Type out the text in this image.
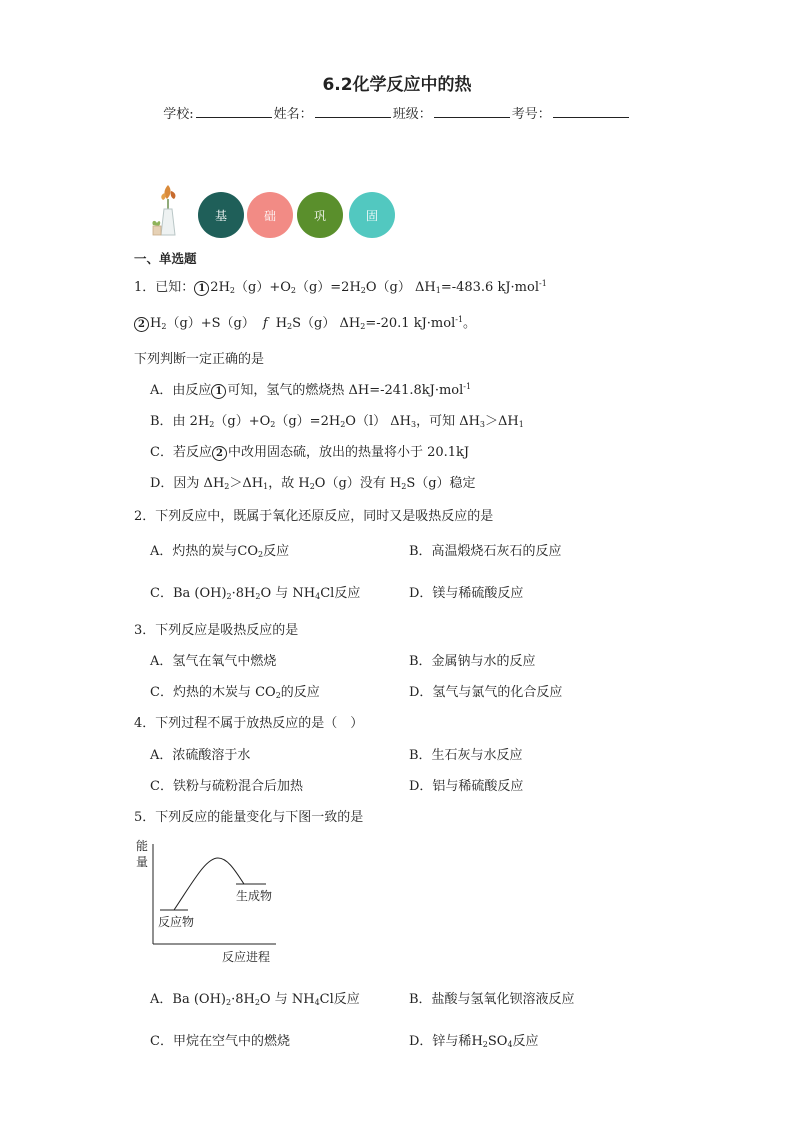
6.2化学反应中的热
学校:	姓名：	班级：	考号：
基	础	巩	固
一、单选题
1．已知： 1 $2H_2(g)+O_2(g)=2H_2O(g)$ $\Delta H_1=-483.6$ kJ·mol$^{-1}$
2 $H_2(g)+S(g)$ f $H_2S(g)$ $\Delta H_2=-20.1$ kJ·mol$^{-1}$。
下列判断一定正确的是
A．由反应 1 可知，氢气的燃烧热 ΔH=-241.8kJ·mol$^{-1}$
B．由 $2H_2(g)+O_2(g)=2H_2O(l)$ $\Delta H_3$，可知 $\Delta H_3>\Delta H_1$
C．若反应 2 中改用固态硫，放出的热量将小于 20.1kJ
D．因为 $\Delta H_2>\Delta H_1$，故 $H_2O(g)$没有 $H_2S(g)$稳定
2．下列反应中，既属于氧化还原反应，同时又是吸热反应的是
A．灼热的炭与$CO_2$反应	B．高温煅烧石灰石的反应
C．Ba $(OH)_2\cdot 8H_2O$ 与 $NH_4Cl$反应	D．镁与稀硫酸反应
3．下列反应是吸热反应的是
A．氢气在氧气中燃烧	B．金属钠与水的反应
C．灼热的木炭与 $CO_2$的反应	D．氢气与氯气的化合反应
4．下列过程不属于放热反应的是（　）
A．浓硫酸溶于水	B．生石灰与水反应
C．铁粉与硫粉混合后加热	D．铝与稀硫酸反应
5．下列反应的能量变化与下图一致的是
能
量
生成物
反应物
反应进程
A．Ba $(OH)_2\cdot 8H_2O$ 与 $NH_4Cl$反应	B．盐酸与氢氧化钡溶液反应
C．甲烷在空气中的燃烧	D．锌与稀$H_2SO_4$反应
